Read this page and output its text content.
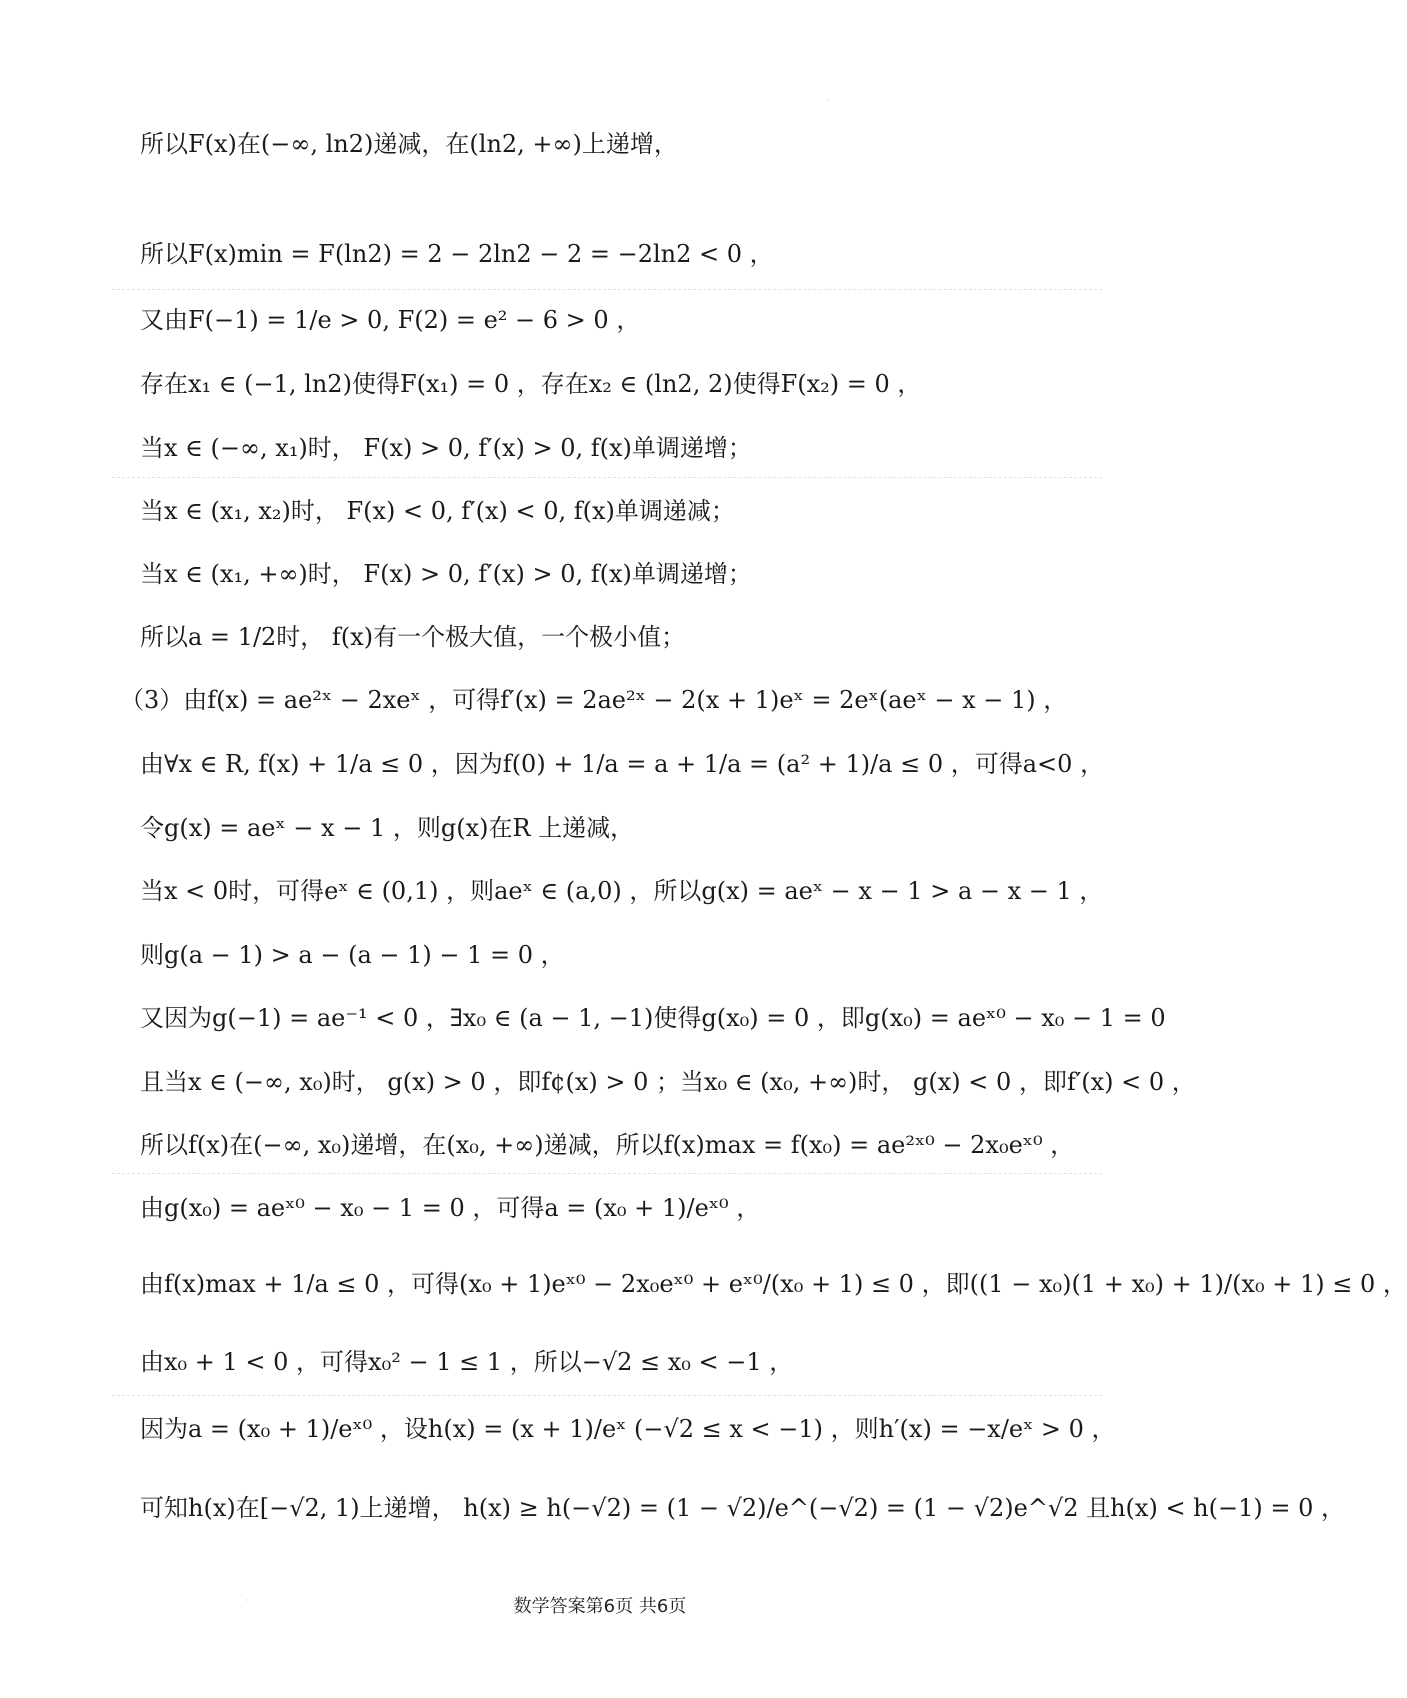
·
所以F(x)在(−∞, ln2)递减，在(ln2, +∞)上递增，
所以F(x)min = F(ln2) = 2 − 2ln2 − 2 = −2ln2 < 0 ，
又由F(−1) = 1/e > 0, F(2) = e² − 6 > 0 ，
存在x₁ ∈ (−1, ln2)使得F(x₁) = 0 ，存在x₂ ∈ (ln2, 2)使得F(x₂) = 0 ，
当x ∈ (−∞, x₁)时， F(x) > 0, f′(x) > 0, f(x)单调递增；
当x ∈ (x₁, x₂)时， F(x) < 0, f′(x) < 0, f(x)单调递减；
当x ∈ (x₁, +∞)时， F(x) > 0, f′(x) > 0, f(x)单调递增；
所以a = 1/2时， f(x)有一个极大值，一个极小值；
（3）由f(x) = ae²ˣ − 2xeˣ ，可得f′(x) = 2ae²ˣ − 2(x + 1)eˣ = 2eˣ(aeˣ − x − 1) ，
由∀x ∈ R, f(x) + 1/a ≤ 0 ，因为f(0) + 1/a = a + 1/a = (a² + 1)/a ≤ 0 ，可得a<0 ，
令g(x) = aeˣ − x − 1 ，则g(x)在R 上递减，
当x < 0时，可得eˣ ∈ (0,1) ，则aeˣ ∈ (a,0) ，所以g(x) = aeˣ − x − 1 > a − x − 1 ，
则g(a − 1) > a − (a − 1) − 1 = 0 ，
又因为g(−1) = ae⁻¹ < 0 ，∃x₀ ∈ (a − 1, −1)使得g(x₀) = 0 ，即g(x₀) = aeˣ⁰ − x₀ − 1 = 0
且当x ∈ (−∞, x₀)时， g(x) > 0 ，即f¢(x) > 0 ；当x₀ ∈ (x₀, +∞)时， g(x) < 0 ，即f′(x) < 0 ，
所以f(x)在(−∞, x₀)递增，在(x₀, +∞)递减，所以f(x)max = f(x₀) = ae²ˣ⁰ − 2x₀eˣ⁰ ，
由g(x₀) = aeˣ⁰ − x₀ − 1 = 0 ，可得a = (x₀ + 1)/eˣ⁰ ，
由f(x)max + 1/a ≤ 0 ，可得(x₀ + 1)eˣ⁰ − 2x₀eˣ⁰ + eˣ⁰/(x₀ + 1) ≤ 0 ，即((1 − x₀)(1 + x₀) + 1)/(x₀ + 1) ≤ 0 ，
由x₀ + 1 < 0 ，可得x₀² − 1 ≤ 1 ，所以−√2 ≤ x₀ < −1 ，
因为a = (x₀ + 1)/eˣ⁰ ，设h(x) = (x + 1)/eˣ (−√2 ≤ x < −1) ，则h′(x) = −x/eˣ > 0 ，
可知h(x)在[−√2, 1)上递增， h(x) ≥ h(−√2) = (1 − √2)/e^(−√2) = (1 − √2)e^√2 且h(x) < h(−1) = 0 ，
·	数学答案第6页 共6页
